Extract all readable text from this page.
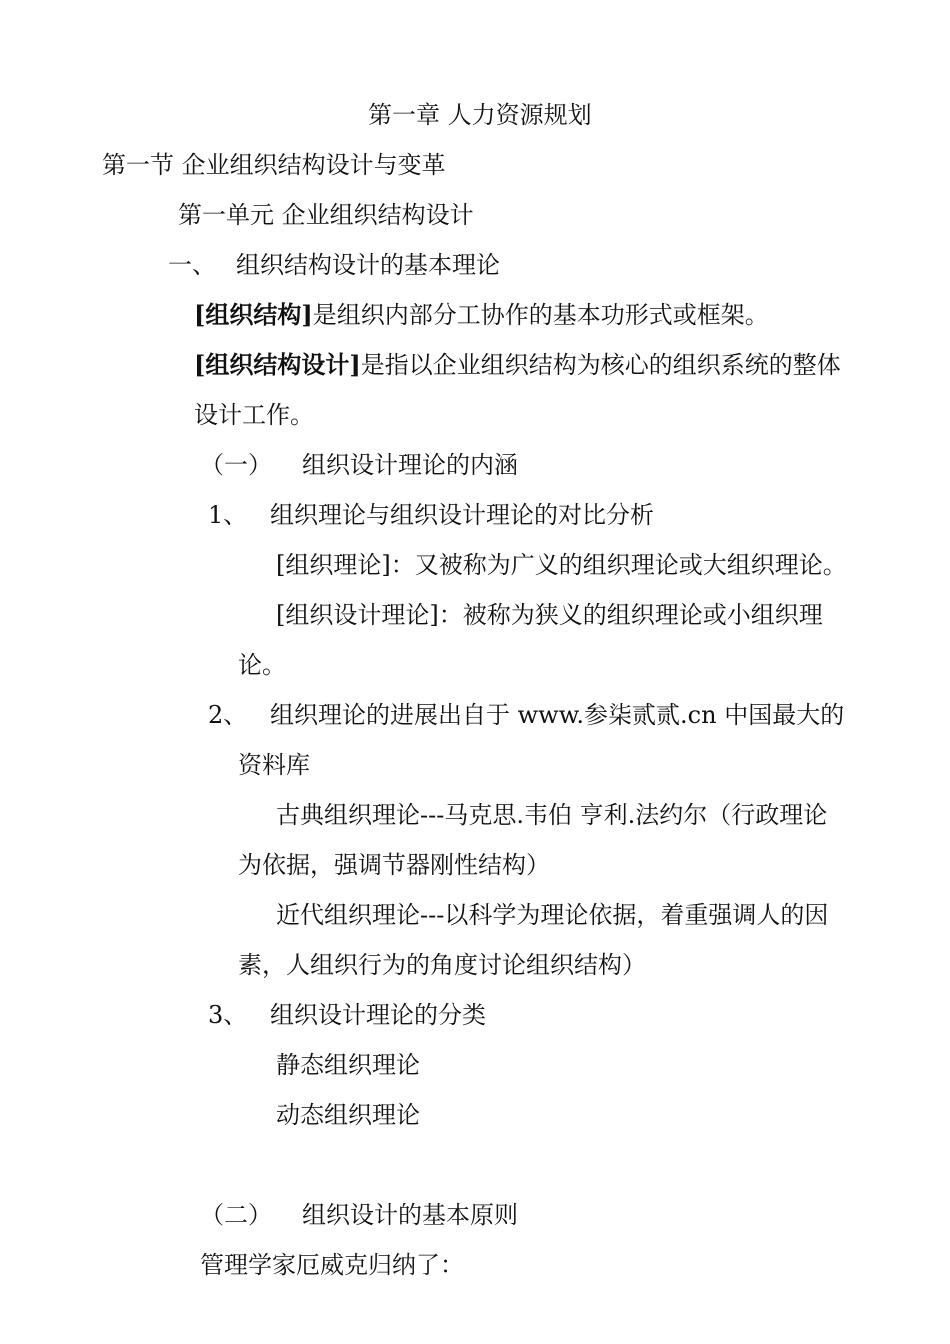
第一章 人力资源规划
第一节 企业组织结构设计与变革
第一单元 企业组织结构设计
一、 组织结构设计的基本理论
[组织结构]是组织内部分工协作的基本功形式或框架。
[组织结构设计]是指以企业组织结构为核心的组织系统的整体
设计工作。
（一） 组织设计理论的内涵
1、 组织理论与组织设计理论的对比分析
[组织理论]：又被称为广义的组织理论或大组织理论。
[组织设计理论]：被称为狭义的组织理论或小组织理
论。
2、 组织理论的进展出自于 www.参柒贰贰.cn 中国最大的
资料库
古典组织理论---马克思.韦伯 亨利.法约尔（行政理论
为依据，强调节器刚性结构）
近代组织理论---以科学为理论依据，着重强调人的因
素，人组织行为的角度讨论组织结构）
3、 组织设计理论的分类
静态组织理论
动态组织理论
（二） 组织设计的基本原则
管理学家厄威克归纳了：
